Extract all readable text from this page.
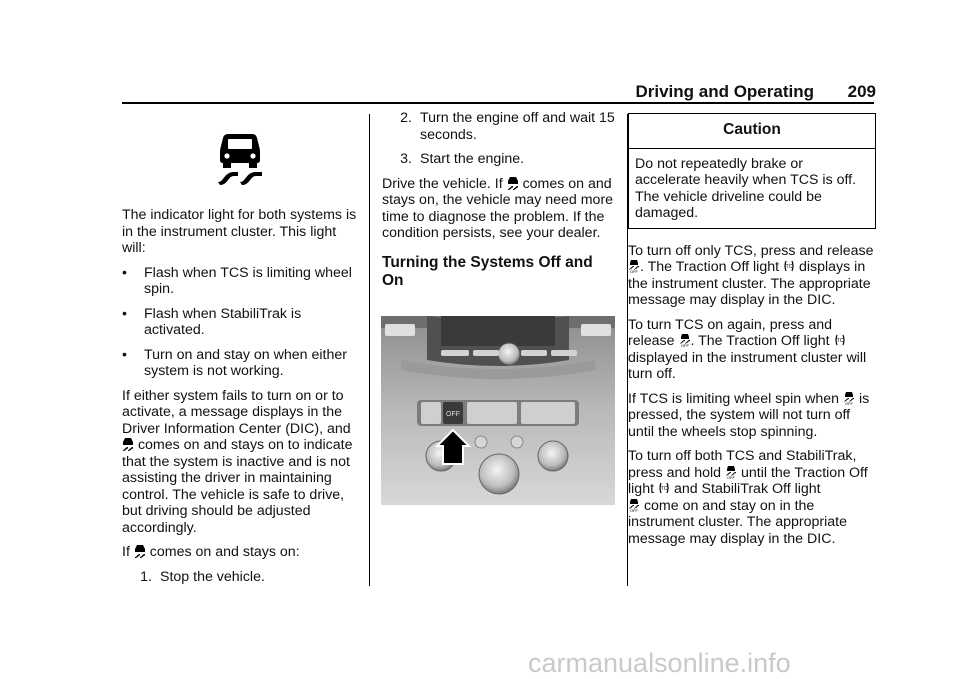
Driving and Operating	209

The indicator light for both systems is in the instrument cluster. This light will:

•	Flash when TCS is limiting wheel spin.
•	Flash when StabiliTrak is activated.
•	Turn on and stay on when either system is not working.

If either system fails to turn on or to activate, a message displays in the Driver Information Center (DIC), and
comes on and stays on to indicate that the system is inactive and is not assisting the driver in maintaining control. The vehicle is safe to drive, but driving should be adjusted accordingly.

If comes on and stays on:

1. Stop the vehicle.
2. Turn the engine off and wait 15 seconds.
3. Start the engine.

Drive the vehicle. If comes on and stays on, the vehicle may need more time to diagnose the problem. If the condition persists, see your dealer.

Turning the Systems Off and On
OFF
Caution
Do not repeatedly brake or accelerate heavily when TCS is off. The vehicle driveline could be damaged.

To turn off only TCS, press and release
OFF . The Traction Off light TC displays in the instrument cluster. The appropriate message may display in the DIC.

To turn TCS on again, press and release OFF . The Traction Off light TC
displayed in the instrument cluster will turn off.

If TCS is limiting wheel spin when OFF is pressed, the system will not turn off until the wheels stop spinning.

To turn off both TCS and StabiliTrak, press and hold OFF until the Traction Off light TC and StabiliTrak Off light

OFF come on and stay on in the instrument cluster. The appropriate message may display in the DIC.

carmanualsonline.info
